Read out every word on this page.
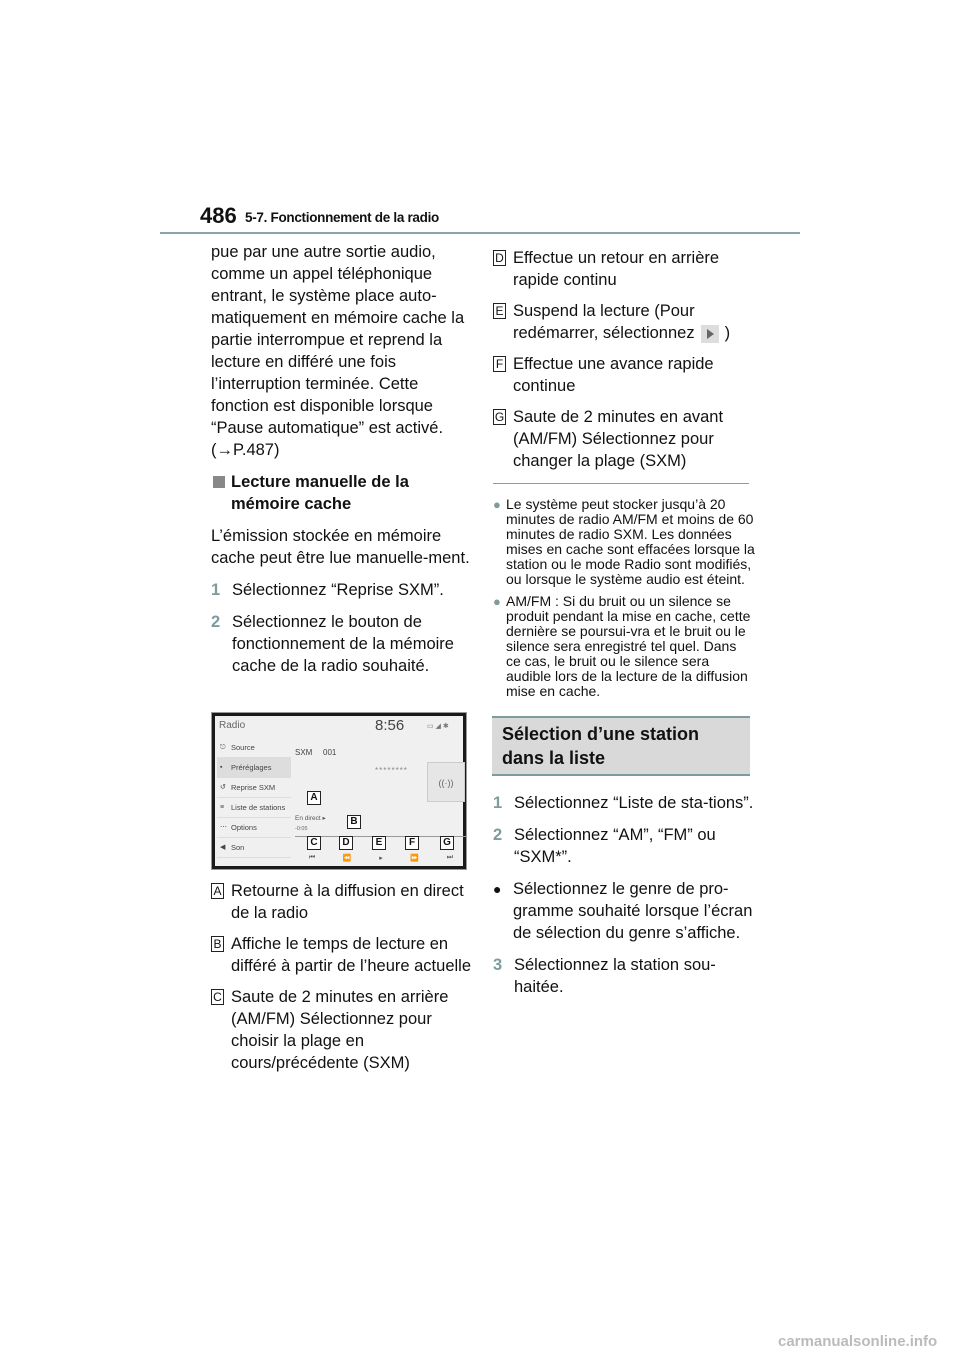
486 5-7. Fonctionnement de la radio

pue par une autre sortie audio, comme un appel téléphonique entrant, le système place auto-matiquement en mémoire cache la partie interrompue et reprend la lecture en différé une fois l’interruption terminée. Cette fonction est disponible lorsque “Pause automatique” est activé. (→P.487)

Lecture manuelle de la mémoire cache

L’émission stockée en mémoire cache peut être lue manuelle-ment.

1 Sélectionnez “Reprise SXM”.
2 Sélectionnez le bouton de fonctionnement de la mémoire cache de la radio souhaité.
Radio	8:56	▭ ◢ ✱
⎋ Source
▪ Préréglages
↺ Reprise SXM
≡ Liste de stations
⋯ Options
◀ Son
SXM 001
********
((·))
En direct ▸
-0:05
⏮	⏪	▸	⏩	⏭
A
B
C	D	E	F	G
A Retourne à la diffusion en direct de la radio
B Affiche le temps de lecture en différé à partir de l’heure actuelle
C Saute de 2 minutes en arrière (AM/FM) Sélectionnez pour choisir la plage en cours/précédente (SXM)
D Effectue un retour en arrière rapide continu
E Suspend la lecture (Pour redémarrer, sélectionnez )
F Effectue une avance rapide continue
G Saute de 2 minutes en avant (AM/FM) Sélectionnez pour changer la plage (SXM)
● Le système peut stocker jusqu’à 20 minutes de radio AM/FM et moins de 60 minutes de radio SXM. Les données mises en cache sont effacées lorsque la station ou le mode Radio sont modifiés, ou lorsque le système audio est éteint.
● AM/FM : Si du bruit ou un silence se produit pendant la mise en cache, cette dernière se poursui-vra et le bruit ou le silence sera enregistré tel quel. Dans ce cas, le bruit ou le silence sera audible lors de la lecture de la diffusion mise en cache.
Sélection d’une station dans la liste
1 Sélectionnez “Liste de sta-tions”.
2 Sélectionnez “AM”, “FM” ou “SXM*”.
● Sélectionnez le genre de pro-gramme souhaité lorsque l’écran de sélection du genre s’affiche.
3 Sélectionnez la station sou-haitée.
carmanualsonline.info
